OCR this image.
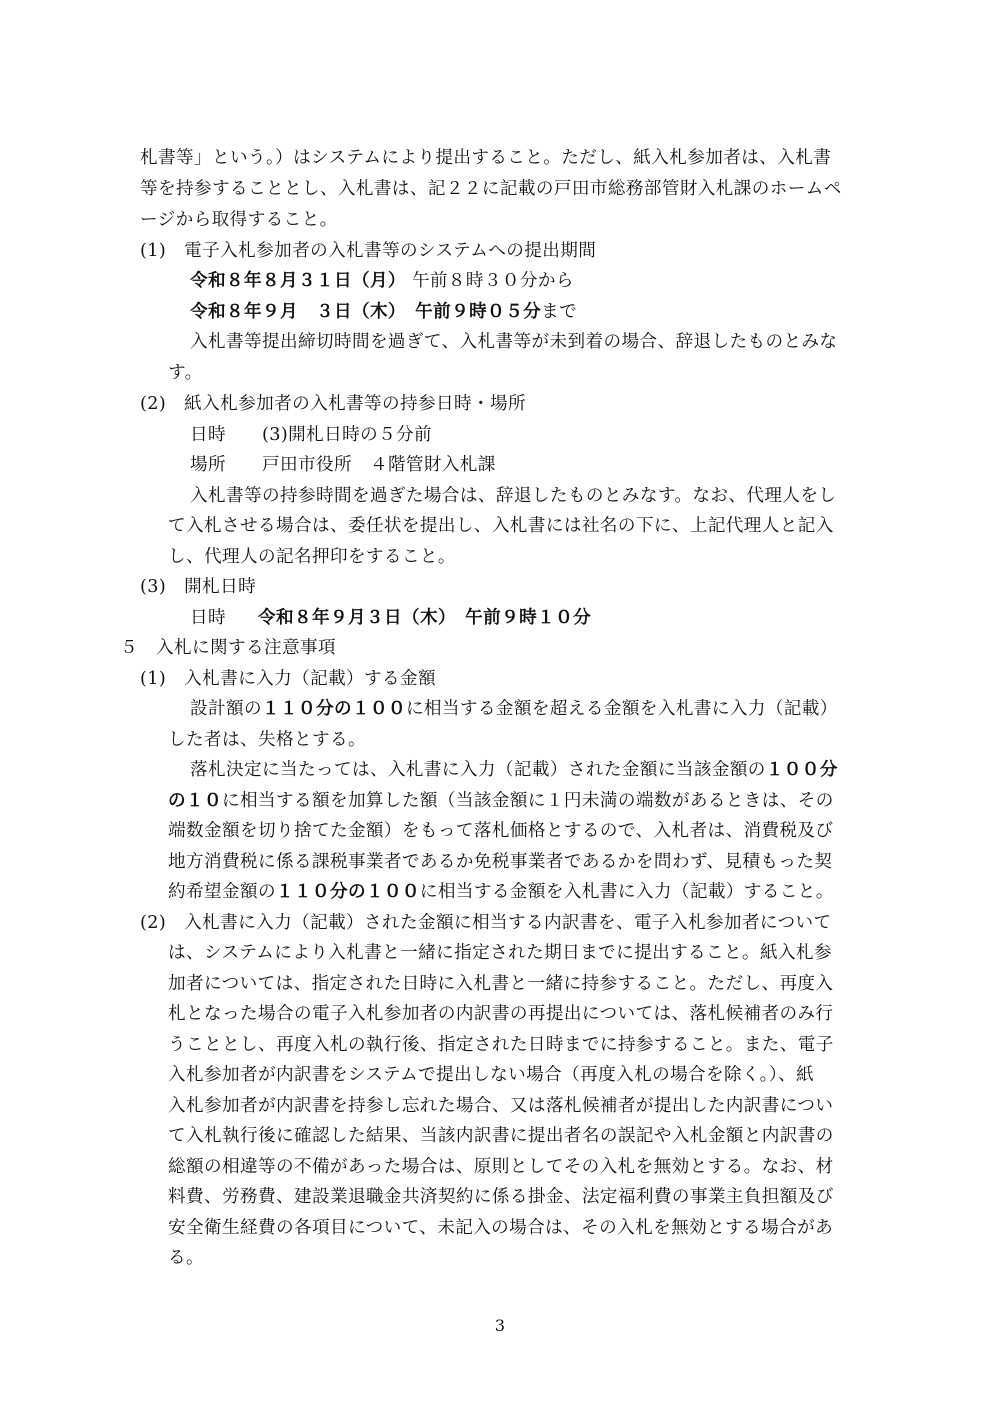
札書等」という。）はシステムにより提出すること。ただし、紙入札参加者は、入札書
等を持参することとし、入札書は、記２２に記載の戸田市総務部管財入札課のホームペ
ージから取得すること。
(1)　電子入札参加者の入札書等のシステムへの提出期間
令和８年８月３１日（月） 午前８時３０分から
令和８年９月　３日（木）　午前９時０５分まで
入札書等提出締切時間を過ぎて、入札書等が未到着の場合、辞退したものとみな
す。
(2)　紙入札参加者の入札書等の持参日時・場所
日時　　(3)開札日時の５分前
場所　　戸田市役所　４階管財入札課
入札書等の持参時間を過ぎた場合は、辞退したものとみなす。なお、代理人をし
て入札させる場合は、委任状を提出し、入札書には社名の下に、上記代理人と記入
し、代理人の記名押印をすること。
(3)　開札日時
日時 令和８年９月３日（木）　午前９時１０分
５　入札に関する注意事項
(1)　入札書に入力（記載）する金額
設計額の１１０分の１００に相当する金額を超える金額を入札書に入力（記載）
した者は、失格とする。
落札決定に当たっては、入札書に入力（記載）された金額に当該金額の１００分
の１０に相当する額を加算した額（当該金額に１円未満の端数があるときは、その
端数金額を切り捨てた金額）をもって落札価格とするので、入札者は、消費税及び
地方消費税に係る課税事業者であるか免税事業者であるかを問わず、見積もった契
約希望金額の１１０分の１００に相当する金額を入札書に入力（記載）すること。
(2)　入札書に入力（記載）された金額に相当する内訳書を、電子入札参加者について
は、システムにより入札書と一緒に指定された期日までに提出すること。紙入札参
加者については、指定された日時に入札書と一緒に持参すること。ただし、再度入
札となった場合の電子入札参加者の内訳書の再提出については、落札候補者のみ行
うこととし、再度入札の執行後、指定された日時までに持参すること。また、電子
入札参加者が内訳書をシステムで提出しない場合（再度入札の場合を除く。）、紙
入札参加者が内訳書を持参し忘れた場合、又は落札候補者が提出した内訳書につい
て入札執行後に確認した結果、当該内訳書に提出者名の誤記や入札金額と内訳書の
総額の相違等の不備があった場合は、原則としてその入札を無効とする。なお、材
料費、労務費、建設業退職金共済契約に係る掛金、法定福利費の事業主負担額及び
安全衛生経費の各項目について、未記入の場合は、その入札を無効とする場合があ
る。
3
